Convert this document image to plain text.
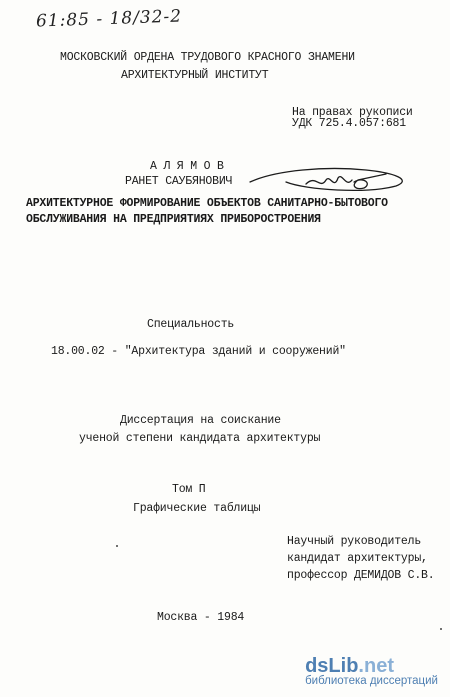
61:85 - 18/32-2
МОСКОВСКИЙ ОРДЕНА ТРУДОВОГО КРАСНОГО ЗНАМЕНИ
АРХИТЕКТУРНЫЙ ИНСТИТУТ
На правах рукописи
УДК 725.4.057:681
А Л Я М О В
РАНЕТ САУБЯНОВИЧ
АРХИТЕКТУРНОЕ ФОРМИРОВАНИЕ ОБЪЕКТОВ САНИТАРНО-БЫТОВОГО
ОБСЛУЖИВАНИЯ НА ПРЕДПРИЯТИЯХ ПРИБОРОСТРОЕНИЯ
Специальность
18.00.02 - "Архитектура зданий и сооружений"
Диссертация на соискание
ученой степени кандидата архитектуры
Том П
Графические таблицы
Научный руководитель
кандидат архитектуры,
профессор ДЕМИДОВ С.В.
Москва - 1984
dsLib.net
библиотека диссертаций
